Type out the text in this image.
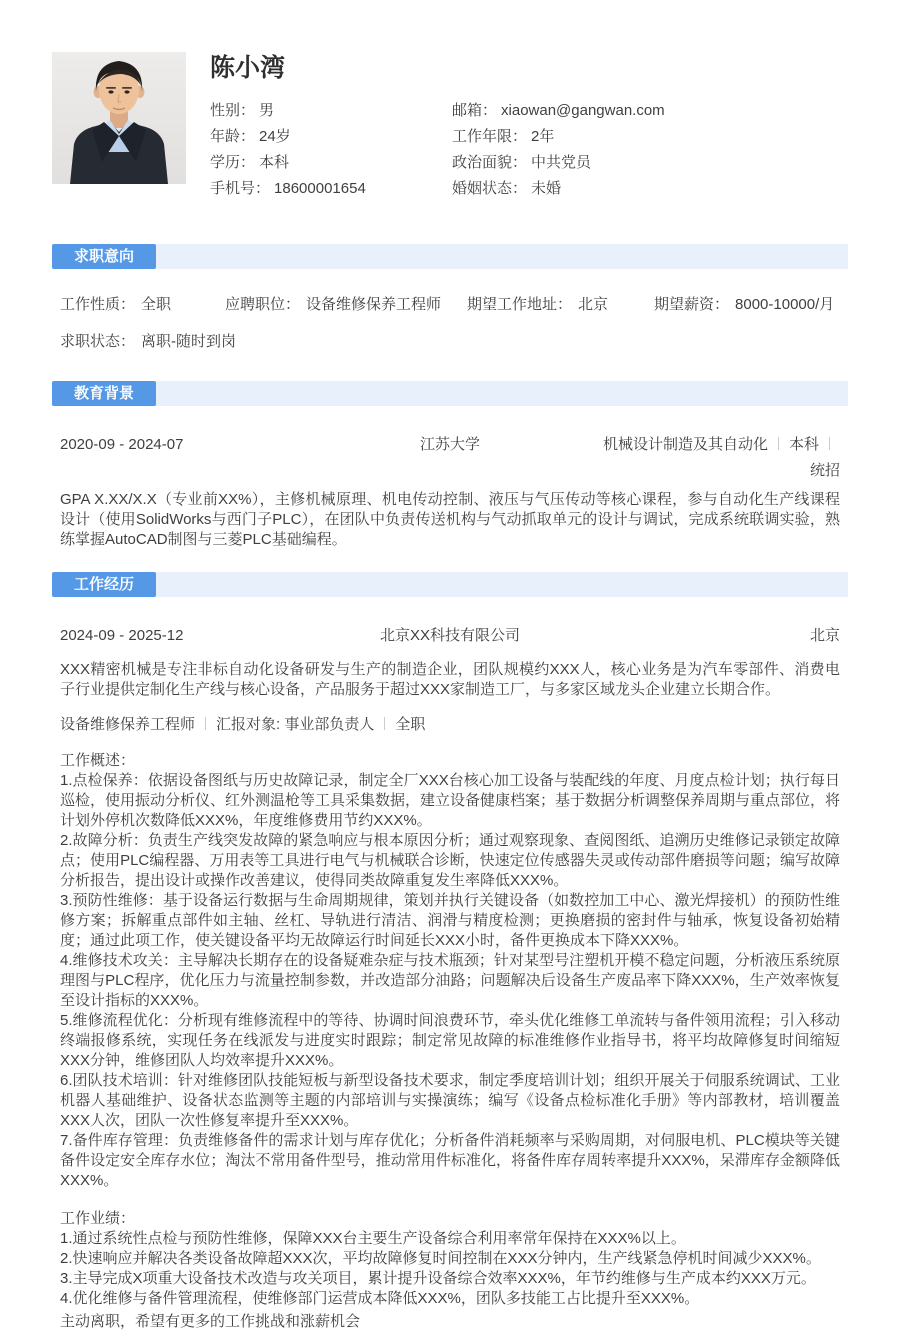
陈小湾
性别： 男
年龄： 24岁
学历： 本科
手机号： 18600001654
邮箱： xiaowan@gangwan.com
工作年限： 2年
政治面貌： 中共党员
婚姻状态： 未婚
求职意向
工作性质： 全职	应聘职位： 设备维修保养工程师	期望工作地址： 北京	期望薪资： 8000-10000/月
求职状态： 离职-随时到岗
教育背景
2020-09 - 2024-07	江苏大学	机械设计制造及其自动化 本科统招

GPA X.XX/X.X（专业前XX%），主修机械原理、机电传动控制、液压与气压传动等核心课程，参与自动化生产线课程设计（使用SolidWorks与西门子PLC），在团队中负责传送机构与气动抓取单元的设计与调试，完成系统联调实验，熟练掌握AutoCAD制图与三菱PLC基础编程。

工作经历
2024-09 - 2025-12	北京XX科技有限公司	北京

XXX精密机械是专注非标自动化设备研发与生产的制造企业，团队规模约XXX人，核心业务是为汽车零部件、消费电子行业提供定制化生产线与核心设备，产品服务于超过XXX家制造工厂，与多家区域龙头企业建立长期合作。

设备维修保养工程师 汇报对象: 事业部负责人 全职

工作概述：

1.点检保养：依据设备图纸与历史故障记录，制定全厂XXX台核心加工设备与装配线的年度、月度点检计划；执行每日巡检，使用振动分析仪、红外测温枪等工具采集数据，建立设备健康档案；基于数据分析调整保养周期与重点部位，将计划外停机次数降低XXX%，年度维修费用节约XXX%。

2.故障分析：负责生产线突发故障的紧急响应与根本原因分析；通过观察现象、查阅图纸、追溯历史维修记录锁定故障点；使用PLC编程器、万用表等工具进行电气与机械联合诊断，快速定位传感器失灵或传动部件磨损等问题；编写故障分析报告，提出设计或操作改善建议，使得同类故障重复发生率降低XXX%。

3.预防性维修：基于设备运行数据与生命周期规律，策划并执行关键设备（如数控加工中心、激光焊接机）的预防性维修方案；拆解重点部件如主轴、丝杠、导轨进行清洁、润滑与精度检测；更换磨损的密封件与轴承，恢复设备初始精度；通过此项工作，使关键设备平均无故障运行时间延长XXX小时，备件更换成本下降XXX%。

4.维修技术攻关：主导解决长期存在的设备疑难杂症与技术瓶颈；针对某型号注塑机开模不稳定问题，分析液压系统原理图与PLC程序，优化压力与流量控制参数，并改造部分油路；问题解决后设备生产废品率下降XXX%，生产效率恢复至设计指标的XXX%。

5.维修流程优化：分析现有维修流程中的等待、协调时间浪费环节，牵头优化维修工单流转与备件领用流程；引入移动终端报修系统，实现任务在线派发与进度实时跟踪；制定常见故障的标准维修作业指导书，将平均故障修复时间缩短XXX分钟，维修团队人均效率提升XXX%。

6.团队技术培训：针对维修团队技能短板与新型设备技术要求，制定季度培训计划；组织开展关于伺服系统调试、工业机器人基础维护、设备状态监测等主题的内部培训与实操演练；编写《设备点检标准化手册》等内部教材，培训覆盖XXX人次，团队一次性修复率提升至XXX%。

7.备件库存管理：负责维修备件的需求计划与库存优化；分析备件消耗频率与采购周期，对伺服电机、PLC模块等关键备件设定安全库存水位；淘汰不常用备件型号，推动常用件标准化，将备件库存周转率提升XXX%，呆滞库存金额降低XXX%。

工作业绩：

1.通过系统性点检与预防性维修，保障XXX台主要生产设备综合利用率常年保持在XXX%以上。

2.快速响应并解决各类设备故障超XXX次，平均故障修复时间控制在XXX分钟内，生产线紧急停机时间减少XXX%。

3.主导完成X项重大设备技术改造与攻关项目，累计提升设备综合效率XXX%，年节约维修与生产成本约XXX万元。

4.优化维修与备件管理流程，使维修部门运营成本降低XXX%，团队多技能工占比提升至XXX%。

主动离职，希望有更多的工作挑战和涨薪机会
